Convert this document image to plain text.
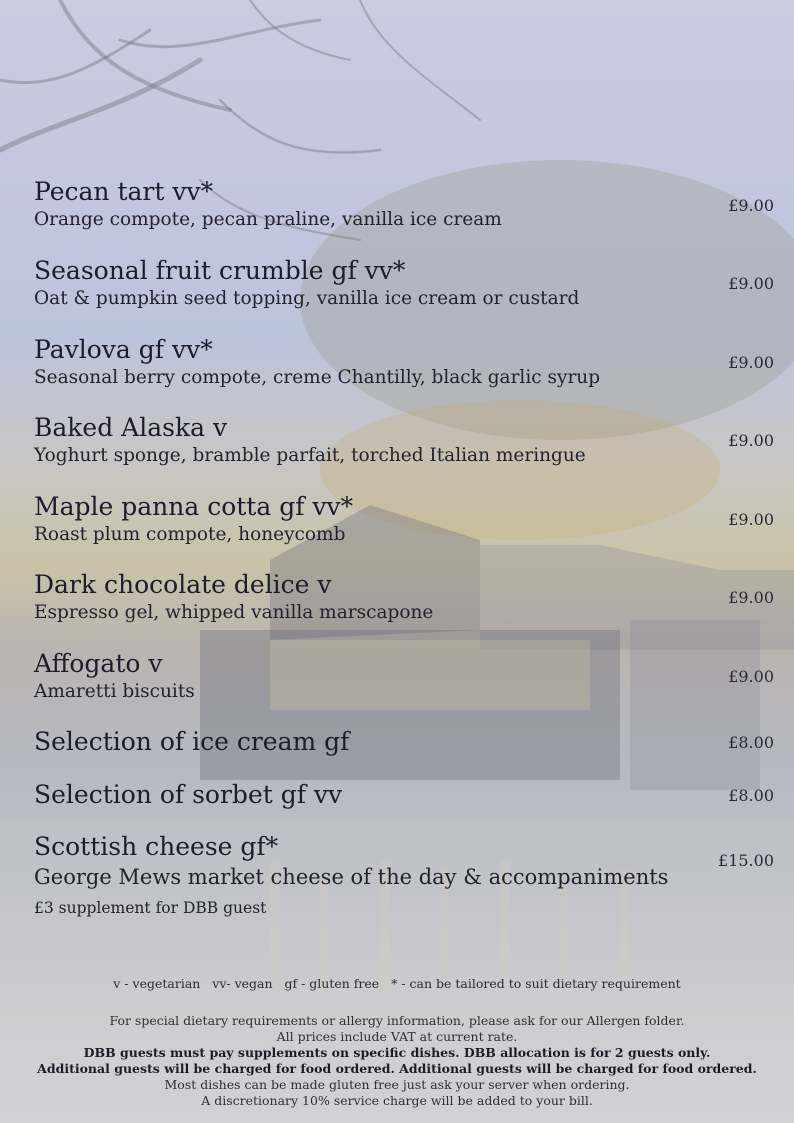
Pecan tart vv*
Orange compote, pecan praline, vanilla ice cream
£9.00
Seasonal fruit crumble gf vv*
Oat & pumpkin seed topping, vanilla ice cream or custard
£9.00
Pavlova gf vv*
Seasonal berry compote, creme Chantilly, black garlic syrup
£9.00
Baked Alaska v
Yoghurt sponge, bramble parfait, torched Italian meringue
£9.00
Maple panna cotta gf vv*
Roast plum compote, honeycomb
£9.00
Dark chocolate delice v
Espresso gel, whipped vanilla marscapone
£9.00
Affogato v
Amaretti biscuits
£9.00
Selection of ice cream gf	£8.00
Selection of sorbet gf vv	£8.00
Scottish cheese gf*
George Mews market cheese of the day & accompaniments
£3 supplement for DBB guest
£15.00
v - vegetarian   vv- vegan   gf - gluten free   * - can be tailored to suit dietary requirement
For special dietary requirements or allergy information, please ask for our Allergen folder.
All prices include VAT at current rate.
DBB guests must pay supplements on specific dishes. DBB allocation is for 2 guests only.
Additional guests will be charged for food ordered. Additional guests will be charged for food ordered.
Most dishes can be made gluten free just ask your server when ordering.
A discretionary 10% service charge will be added to your bill.
